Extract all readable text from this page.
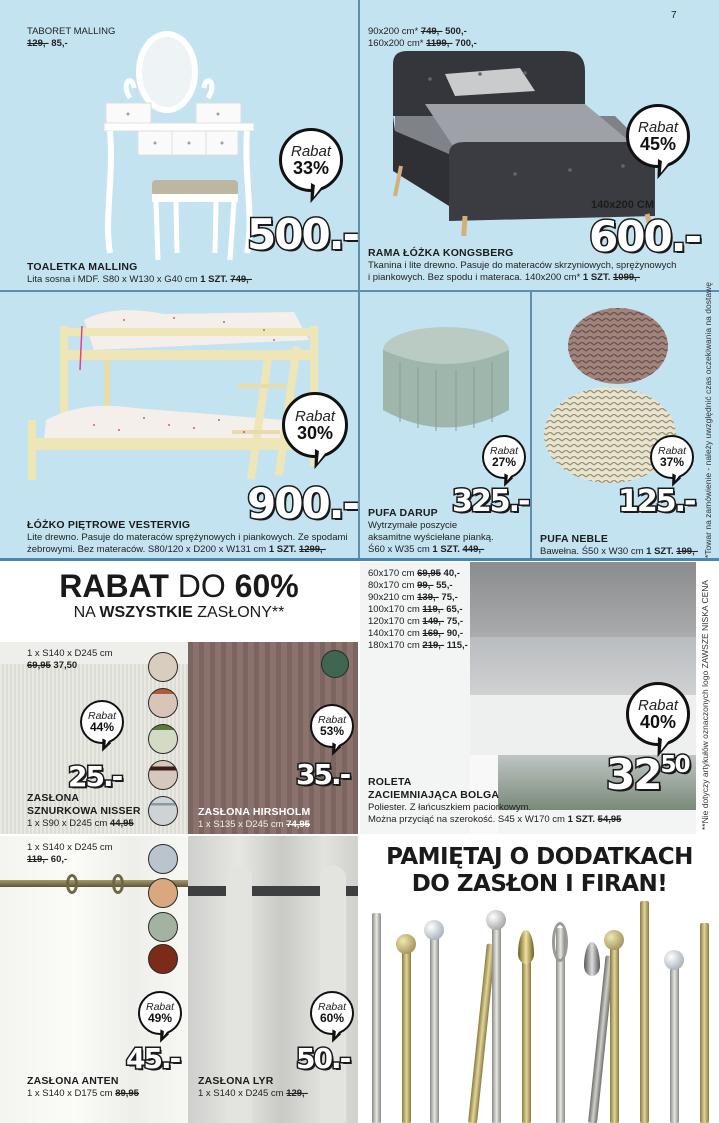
TABORET MALLING
129,- 85,-
Rabat
33%
500.-
TOALETKA MALLING
Lita sosna i MDF. S80 x W130 x G40 cm 1 SZT. 749,-
7
90x200 cm* 749,- 500,-
160x200 cm* 1199,- 700,-
Rabat
45%
140x200 CM
600.-
RAMA ŁÓŻKA KONGSBERG
Tkanina i lite drewno. Pasuje do materaców skrzyniowych, sprężynowych
i piankowych. Bez spodu i materaca. 140x200 cm* 1 SZT. 1099,-
Rabat
30%
900.-
ŁÓŻKO PIĘTROWE VESTERVIG
Lite drewno. Pasuje do materaców sprężynowych i piankowych. Ze spodami
żebrowymi. Bez materaców. S80/120 x D200 x W131 cm 1 SZT. 1299,-
Rabat
27%
325.-
PUFA DARUP
Wytrzymałe poszycie
aksamitne wyściełane pianką.
Ś60 x W35 cm 1 SZT. 449,-
Rabat
37%
125.-
PUFA NEBLE
Bawełna. Ś50 x W30 cm 1 SZT. 199,- *Towar na zamówienie - należy uwzględnić czas oczekiwania na dostawę
RABAT DO 60%
NA WSZYSTKIE ZASŁONY**
1 x S140 x D245 cm
69,95 37,50
Rabat
44%
25.-
ZASŁONA
SZNURKOWA NISSER
1 x S90 x D245 cm 44,95
Rabat
53%
35.-
ZASŁONA HIRSHOLM
1 x S135 x D245 cm 74,95
60x170 cm 69,95 40,-
80x170 cm 99,- 55,-
90x210 cm 139,- 75,-
100x170 cm 119,- 65,-
120x170 cm 149,- 75,-
140x170 cm 169,- 90,-
180x170 cm 219,- 115,-
Rabat
40%
$32^{50}$
ROLETA
ZACIEMNIAJĄCA BOLGA
Poliester. Z łańcuszkiem paciorkowym.
Można przyciąć na szerokość. S45 x W170 cm 1 SZT. 54,95	**Nie dotyczy artykułów oznaczonych logo ZAWSZE NISKA CENA
1 x S140 x D245 cm
119,- 60,-
Rabat
49%
45.-
ZASŁONA ANTEN
1 x S140 x D175 cm 89,95
Rabat
60%
50.-
ZASŁONA LYR
1 x S140 x D245 cm 129,-
PAMIĘTAJ O DODATKACH
DO ZASŁON I FIRAN!
